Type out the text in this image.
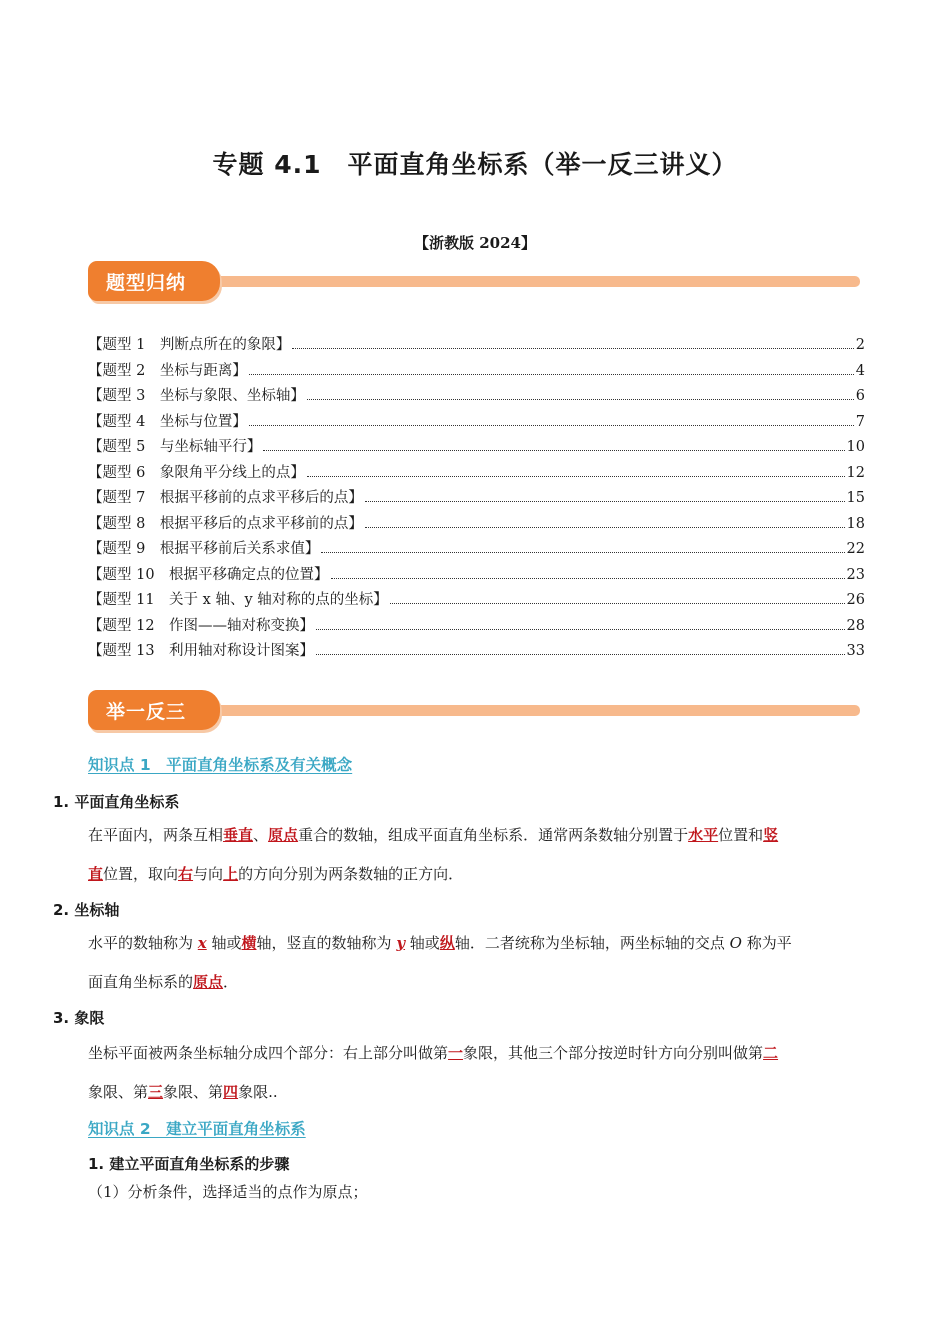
专题 4.1　平面直角坐标系（举一反三讲义）
【浙教版 2024】
题型归纳
【题型 1　判断点所在的象限】	2
【题型 2　坐标与距离】	4
【题型 3　坐标与象限、坐标轴】	6
【题型 4　坐标与位置】	7
【题型 5　与坐标轴平行】	10
【题型 6　象限角平分线上的点】	12
【题型 7　根据平移前的点求平移后的点】	15
【题型 8　根据平移后的点求平移前的点】	18
【题型 9　根据平移前后关系求值】	22
【题型 10　根据平移确定点的位置】	23
【题型 11　关于 x 轴、y 轴对称的点的坐标】	26
【题型 12　作图——轴对称变换】	28
【题型 13　利用轴对称设计图案】	33
举一反三
知识点 1　平面直角坐标系及有关概念
1. 平面直角坐标系
在平面内，两条互相垂直、原点重合的数轴，组成平面直角坐标系．通常两条数轴分别置于水平位置和竖
直位置，取向右与向上的方向分别为两条数轴的正方向．
2. 坐标轴
水平的数轴称为 x 轴或横轴，竖直的数轴称为 y 轴或纵轴．二者统称为坐标轴，两坐标轴的交点 O 称为平
面直角坐标系的原点．
3. 象限
坐标平面被两条坐标轴分成四个部分：右上部分叫做第一象限，其他三个部分按逆时针方向分别叫做第二
象限、第三象限、第四象限..
知识点 2　建立平面直角坐标系
1. 建立平面直角坐标系的步骤
（1）分析条件，选择适当的点作为原点；
